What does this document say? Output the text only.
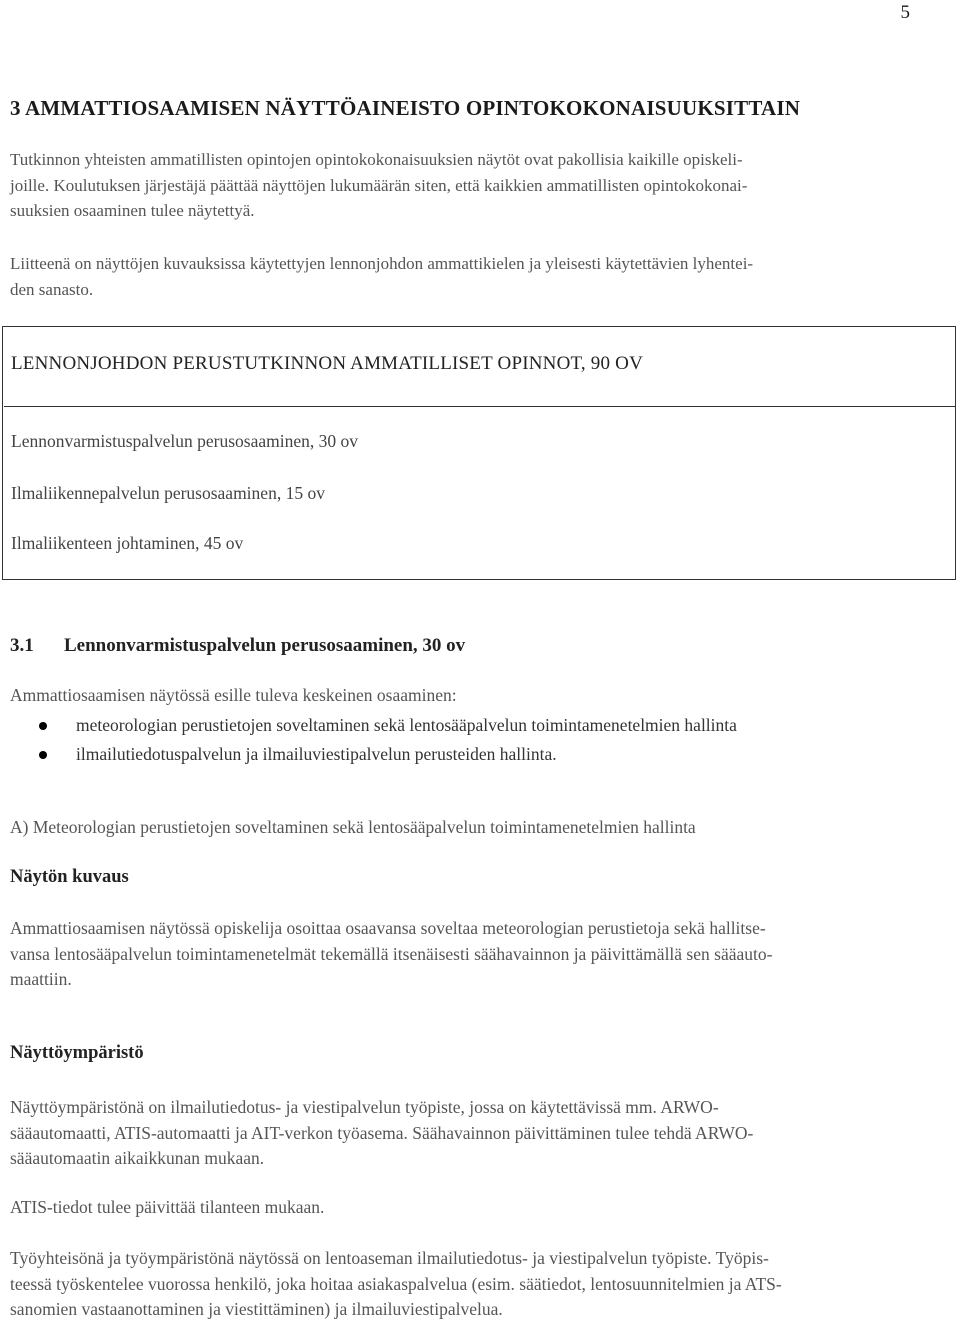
5
3 AMMATTIOSAAMISEN NÄYTTÖAINEISTO OPINTOKOKONAISUUKSITTAIN
Tutkinnon yhteisten ammatillisten opintojen opintokokonaisuuksien näytöt ovat pakollisia kaikille opiskeli-
joille. Koulutuksen järjestäjä päättää näyttöjen lukumäärän siten, että kaikkien ammatillisten opintokokonai-
suuksien osaaminen tulee näytettyä.
Liitteenä on näyttöjen kuvauksissa käytettyjen lennonjohdon ammattikielen ja yleisesti käytettävien lyhentei-
den sanasto.
LENNONJOHDON PERUSTUTKINNON AMMATILLISET OPINNOT, 90 OV
Lennonvarmistuspalvelun perusosaaminen, 30 ov
Ilmaliikennepalvelun perusosaaminen, 15 ov
Ilmaliikenteen johtaminen, 45 ov
3.1 Lennonvarmistuspalvelun perusosaaminen, 30 ov
Ammattiosaamisen näytössä esille tuleva keskeinen osaaminen:
meteorologian perustietojen soveltaminen sekä lentosääpalvelun toimintamenetelmien hallinta
ilmailutiedotuspalvelun ja ilmailuviestipalvelun perusteiden hallinta.
A) Meteorologian perustietojen soveltaminen sekä lentosääpalvelun toimintamenetelmien hallinta
Näytön kuvaus
Ammattiosaamisen näytössä opiskelija osoittaa osaavansa soveltaa meteorologian perustietoja sekä hallitse-
vansa lentosääpalvelun toimintamenetelmät tekemällä itsenäisesti säähavainnon ja päivittämällä sen sääauto-
maattiin.
Näyttöympäristö
Näyttöympäristönä on ilmailutiedotus- ja viestipalvelun työpiste, jossa on käytettävissä mm. ARWO-
sääautomaatti, ATIS-automaatti ja AIT-verkon työasema. Säähavainnon päivittäminen tulee tehdä ARWO-
sääautomaatin aikaikkunan mukaan.
ATIS-tiedot tulee päivittää tilanteen mukaan.
Työyhteisönä ja työympäristönä näytössä on lentoaseman ilmailutiedotus- ja viestipalvelun työpiste. Työpis-
teessä työskentelee vuorossa henkilö, joka hoitaa asiakaspalvelua (esim. säätiedot, lentosuunnitelmien ja ATS-
sanomien vastaanottaminen ja viestittäminen) ja ilmailuviestipalvelua.
